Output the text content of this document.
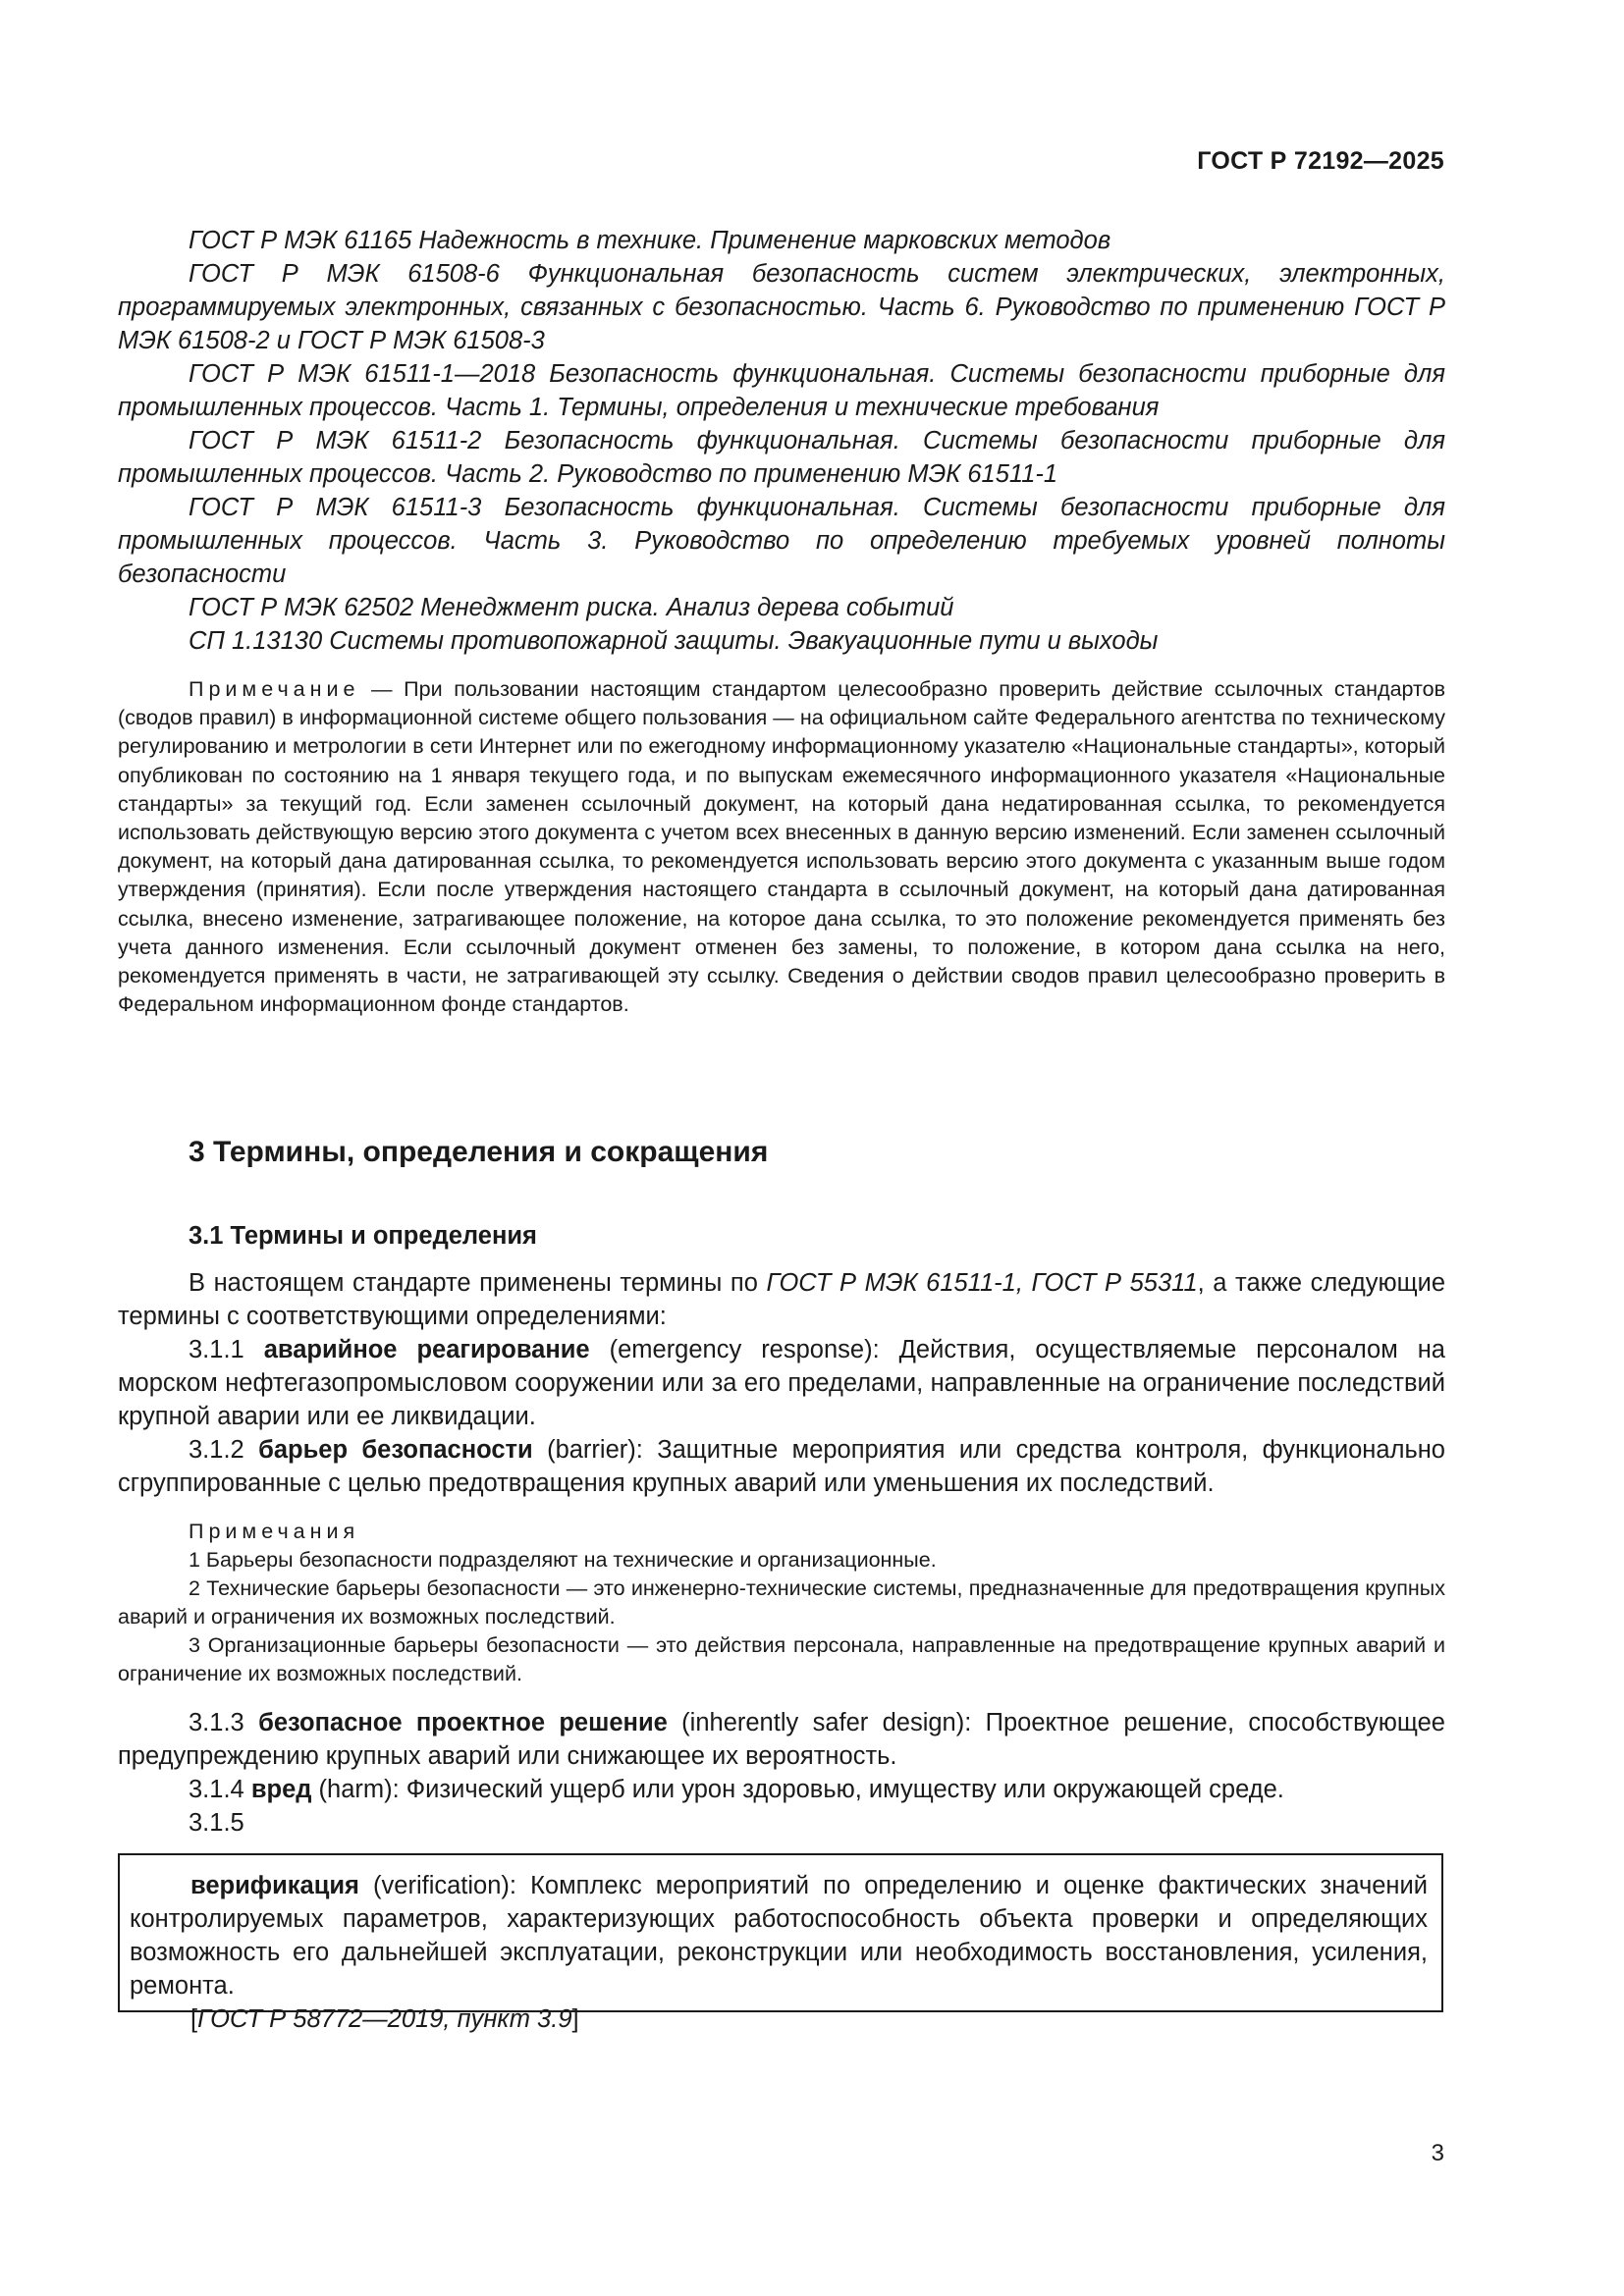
ГОСТ Р 72192—2025

ГОСТ Р МЭК 61165 Надежность в технике. Применение марковских методов

ГОСТ Р МЭК 61508-6 Функциональная безопасность систем электрических, электронных, программируемых электронных, связанных с безопасностью. Часть 6. Руководство по применению ГОСТ Р МЭК 61508-2 и ГОСТ Р МЭК 61508-3

ГОСТ Р МЭК 61511-1—2018 Безопасность функциональная. Системы безопасности приборные для промышленных процессов. Часть 1. Термины, определения и технические требования

ГОСТ Р МЭК 61511-2 Безопасность функциональная. Системы безопасности приборные для промышленных процессов. Часть 2. Руководство по применению МЭК 61511-1

ГОСТ Р МЭК 61511-3 Безопасность функциональная. Системы безопасности приборные для промышленных процессов. Часть 3. Руководство по определению требуемых уровней полноты безопасности

ГОСТ Р МЭК 62502 Менеджмент риска. Анализ дерева событий

СП 1.13130 Системы противопожарной защиты. Эвакуационные пути и выходы

Примечание — При пользовании настоящим стандартом целесообразно проверить действие ссылочных стандартов (сводов правил) в информационной системе общего пользования — на официальном сайте Федерального агентства по техническому регулированию и метрологии в сети Интернет или по ежегодному информационному указателю «Национальные стандарты», который опубликован по состоянию на 1 января текущего года, и по выпускам ежемесячного информационного указателя «Национальные стандарты» за текущий год. Если заменен ссылочный документ, на который дана недатированная ссылка, то рекомендуется использовать действующую версию этого документа с учетом всех внесенных в данную версию изменений. Если заменен ссылочный документ, на который дана датированная ссылка, то рекомендуется использовать версию этого документа с указанным выше годом утверждения (принятия). Если после утверждения настоящего стандарта в ссылочный документ, на который дана датированная ссылка, внесено изменение, затрагивающее положение, на которое дана ссылка, то это положение рекомендуется применять без учета данного изменения. Если ссылочный документ отменен без замены, то положение, в котором дана ссылка на него, рекомендуется применять в части, не затрагивающей эту ссылку. Сведения о действии сводов правил целесообразно проверить в Федеральном информационном фонде стандартов.

3 Термины, определения и сокращения
3.1 Термины и определения

В настоящем стандарте применены термины по ГОСТ Р МЭК 61511-1, ГОСТ Р 55311, а также следующие термины с соответствующими определениями:

3.1.1 аварийное реагирование (emergency response): Действия, осуществляемые персоналом на морском нефтегазопромысловом сооружении или за его пределами, направленные на ограничение последствий крупной аварии или ее ликвидации.

3.1.2 барьер безопасности (barrier): Защитные мероприятия или средства контроля, функционально сгруппированные с целью предотвращения крупных аварий или уменьшения их последствий.

Примечания

1 Барьеры безопасности подразделяют на технические и организационные.

2 Технические барьеры безопасности — это инженерно-технические системы, предназначенные для предотвращения крупных аварий и ограничения их возможных последствий.

3 Организационные барьеры безопасности — это действия персонала, направленные на предотвращение крупных аварий и ограничение их возможных последствий.

3.1.3 безопасное проектное решение (inherently safer design): Проектное решение, способствующее предупреждению крупных аварий или снижающее их вероятность.

3.1.4 вред (harm): Физический ущерб или урон здоровью, имуществу или окружающей среде.

3.1.5

верификация (verification): Комплекс мероприятий по определению и оценке фактических значений контролируемых параметров, характеризующих работоспособность объекта проверки и определяющих возможность его дальнейшей эксплуатации, реконструкции или необходимость восстановления, усиления, ремонта.

[ГОСТ Р 58772—2019, пункт 3.9]

3
